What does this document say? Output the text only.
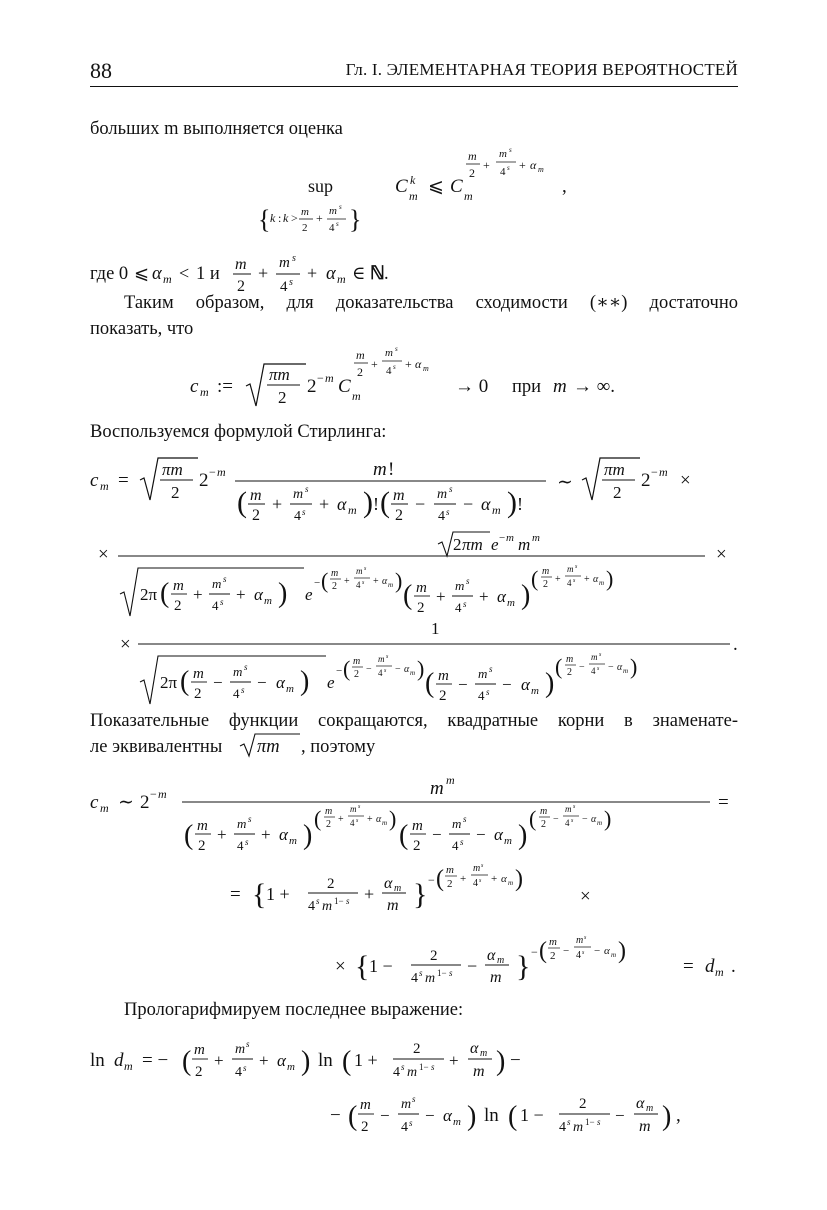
88	Гл. I. ЭЛЕМЕНТАРНАЯ ТЕОРИЯ ВЕРОЯТНОСТЕЙ
больших m выполняется оценка
sup
{ k : k > m
2
+ m s
4 s }
C m
k ⩽ C m
m
2
+
m s
4 s + α m
,
где 0 ⩽ α m < 1 и m
2
+ m s
4 s + α m ∈ ℕ .
Таким образом, для доказательства сходимости (∗∗) достаточно
показать, что
c m :=
πm
2
2 − m C m
m
2
+
m s
4 s + α m
→ 0 при m → ∞.
Воспользуемся формулой Стирлинга:
c m =
πm
2
2 − m	m !
( m
2
+ m s
4 s + α m ) ! ( m
2
− m s
4 s − α m ) !
∼
πm
2
2 − m ×
×	2 πm e − m m m
2π ( m
2
+
m s
4 s + α m ) e
− ( m
2 +
m s
4 s + α m ) ( m
2
+
m s
4 s + α m )
( m
2 +
m s
4 s + α m )
×
×
1
2π ( m
2
−
m s
4 s − α m ) e
− ( m
2 −
m s
4 s − α m ) ( m
2
−
m s
4 s − α m )
( m
2 −
m s
4 s − α m )
.
Показательные функции сокращаются, квадратные корни в знаменате-
ле эквивалентны πm , поэтому
c m ∼ 2 − m	m m
( m
2
+
m s
4 s + α m )
( m
2 +
m s
4 s + α m )
( m
2
−
m s
4 s − α m )
( m
2 −
m s
4 s − α m )
=
= { 1 + 2
4 s m 1− s +
α m
m } − ( m
2 +
m s
4 s + α m )
×
× { 1 − 2
4 s m 1− s −
α m
m } − ( m
2 −
m s
4 s − α m )
= d m .
Прологарифмируем последнее выражение:
ln d m = − ( m
2
+
m s
4 s + α m ) ln ( 1 +
2
4 s m 1− s +
α m
m ) −
− ( m
2
−
m s
4 s − α m ) ln ( 1 −
2
4 s m 1− s −
α m
m ) ,
